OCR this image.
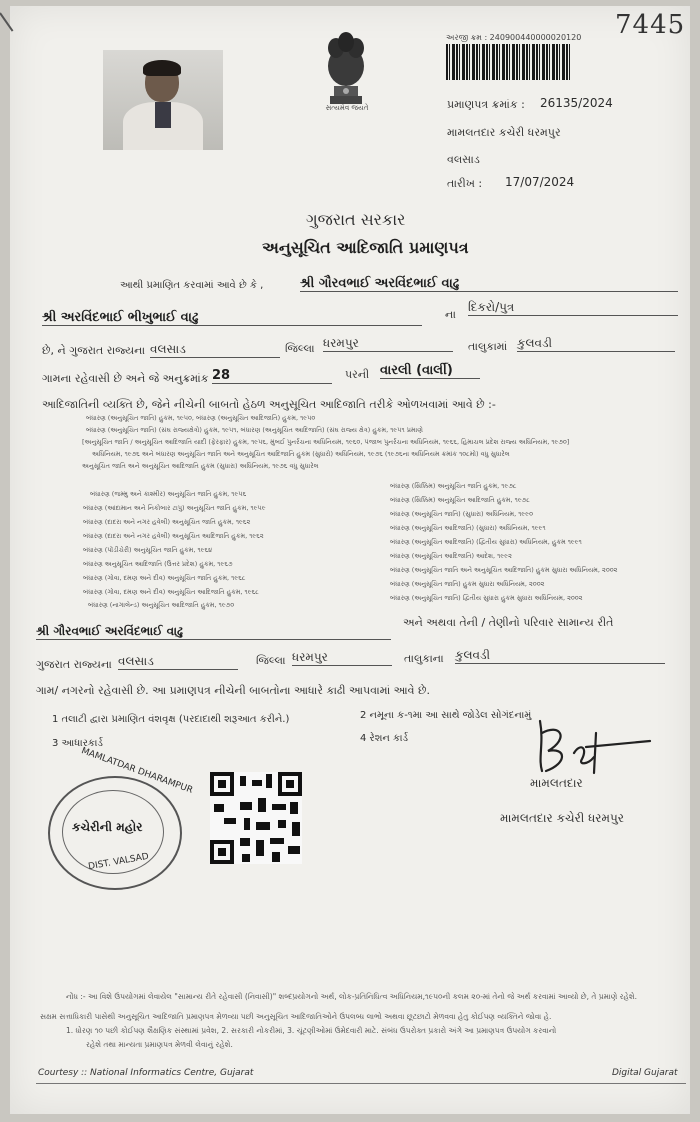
7445
સત્યમેવ જયતે
અરજી ક્રમ : 240900440000020120
પ્રમાણપત્ર ક્રમાંક : 26135/2024
મામલતદાર કચેરી ધરમપુર
વલસાડ
તારીખ : 17/07/2024
ગુજરાત સરકાર
અનુસૂચિત આદિજાતિ પ્રમાણપત્ર
આથી પ્રમાણિત કરવામાં આવે છે કે ,	શ્રી ગૌરવભાઈ અરવિંદભાઈ વાઢુ
શ્રી અરવિંદભાઈ ભીખુભાઈ વાઢુ	ના
દિકરો/પુત્ર
છે, ને ગુજરાત રાજ્યના વલસાડ	જિલ્લા ધરમપુર	તાલુકામાં કુલવડી
ગામના રહેવાસી છે અને જે અનુક્રમાંક 28	પરની વારલી (વાર્લી)
આદિજાતિની વ્યક્તિ છે, જેને નીચેની બાબતો હેઠળ અનુસૂચિત આદિજાતિ તરીકે ઓળખવામાં આવે છે :-
બંધારણ (અનુસૂચિત જાતિ) હુકમ, ૧૯૫૦, બંધારણ (અનુસૂચિત આદિજાતિ) હુકમ, ૧૯૫૦
બંધારણ (અનુસૂચિત જાતિ) (સંઘ રાજ્યક્ષેત્રો) હુકમ, ૧૯૫૧, બંધારણ (અનુસૂચિત આદિજાતિ) (સંઘ રાજ્ય ક્ષેત્ર) હુકમ, ૧૯૫૧ પ્રમાણે
[અનુસૂચિત જાતિ / અનુસૂચિત આદિજાતિ યાદી (ફેરફાર) હુકમ, ૧૯૫૬, મુંબઈ પુનર્રચના અધિનિયમ, ૧૯૬૦, પંજાબ પુનર્રચના અધિનિયમ, ૧૯૬૬, હિમાચલ પ્રદેશ રાજ્ય અધિનિયમ, ૧૯૭૦]
અધિનિયમ, ૧૯૭૬ અને બંધારણ અનુસૂચિત જાતિ અને અનુસૂચિત આદિજાતિ હુકમ (સુધારો) અધિનિયમ, ૧૯૭૬ (૧૯૭૬ના અધિનિયમ ક્રમાંક ૧૦૮મો) વધુ સુધારેલ
અનુસૂચિત જાતિ અને અનુસૂચિત આદિજાતિ હુકમ (સુધારા) અધિનિયમ, ૧૯૭૬ વધુ સુધારેલ
બંધારણ (જમ્મુ અને કાશ્મીર) અનુસૂચિત જાતિ હુકમ, ૧૯૫૬
બંધારણ (આંદામાન અને નિકોબાર ટાપુ) અનુસૂચિત જાતિ હુકમ, ૧૯૫૯
બંધારણ (દાદરા અને નગર હવેલી) અનુસૂચિત જાતિ હુકમ, ૧૯૬૨
બંધારણ (દાદરા અને નગર હવેલી) અનુસૂચિત આદિજાતિ હુકમ, ૧૯૬૨
બંધારણ (પોંડીચેરી) અનુસૂચિત જાતિ હુકમ, ૧૯૬૪
બંધારણ અનુસૂચિત આદિજાતિ (ઉત્તર પ્રદેશ) હુકમ, ૧૯૬૭
બંધારણ (ગોવા, દમણ અને દીવ) અનુસૂચિત જાતિ હુકમ, ૧૯૬૮
બંધારણ (ગોવા, દમણ અને દીવ) અનુસૂચિત આદિજાતિ હુકમ, ૧૯૬૮
બંધારણ (નાગાલેન્ડ) અનુસૂચિત આદિજાતિ હુકમ, ૧૯૭૦
બંધારણ (સિક્કિમ) અનુસૂચિત જાતિ હુકમ, ૧૯૭૮
બંધારણ (સિક્કિમ) અનુસૂચિત આદિજાતિ હુકમ, ૧૯૭૮
બંધારણ (અનુસૂચિત જાતિ) (સુધારા) અધિનિયમ, ૧૯૯૦
બંધારણ (અનુસૂચિત આદિજાતિ) (સુધારા) અધિનિયમ, ૧૯૯૧
બંધારણ (અનુસૂચિત આદિજાતિ) (દ્વિતીય સુધારા) અધિનિયમ, હુકમ ૧૯૯૧
બંધારણ (અનુસૂચિત આદિજાતિ) આદેશ, ૧૯૯૨
બંધારણ (અનુસૂચિત જાતિ અને અનુસૂચિત આદિજાતિ) હુકમ સુધારા અધિનિયમ, ૨૦૦૨
બંધારણ (અનુસૂચિત જાતિ) હુકમ સુધારા અધિનિયમ, ૨૦૦૨
બંધારણ (અનુસૂચિત જાતિ) દ્વિતીય સુધારા હુકમ સુધારા અધિનિયમ, ૨૦૦૨
શ્રી ગૌરવભાઈ અરવિંદભાઈ વાઢુ
અને અથવા તેની / તેણીનો પરિવાર સામાન્ય રીતે
ગુજરાત રાજ્યના વલસાડ	જિલ્લા ધરમપુર	તાલુકાના કુલવડી
ગામ/ નગરનો રહેવાસી છે. આ પ્રમાણપત્ર નીચેની બાબતોના આધારે કાઢી આપવામાં આવે છે.
1 તલાટી દ્વારા પ્રમાણિત વંશવૃક્ષ (પરદાદાથી શરૂઆત કરીને.)	2 નમૂના ક-૧મા આ સાથે જોડેલ સોગંદનામું
3 આધારકાર્ડ	4 રેશન કાર્ડ
MAMLATDAR DHARAMPUR
કચેરીની મહોર
DIST. VALSAD
મામલતદાર
મામલતદાર કચેરી ધરમપુર
નોંધ :- આ વિશે ઉપયોગમાં લેવાયેલ "સામાન્ય રીતે રહેવાસી (નિવાસી)" શબ્દપ્રયોગનો અર્થ, લોક-પ્રતિનિધિત્વ અધિનિયમ,૧૯૫૦ની કલમ ૨૦-માં તેનો જે અર્થ કરવામાં આવ્યો છે, તે પ્રમાણે રહેશે.
સક્ષમ સત્તાધિકારી પાસેથી અનુસૂચિત આદિજાતિ પ્રમાણપત્ર મેળવ્યા પછી અનુસૂચિત આદિજાતિઓને ઉપલબ્ધ લાભો અથવા છૂટછાટો મેળવવા હેતુ કોઈપણ વ્યક્તિને જોવા હે.
1. ધોરણ ૧૦ પછી કોઈપણ શૈક્ષણિક સંસ્થામાં પ્રવેશ, 2. સરકારી નોકરીમાં, 3. ચૂંટણીઓમાં ઉમેદવારી માટે. સંબંધ ઉપરોક્ત પ્રકારો અંગે આ પ્રમાણપત્ર ઉપયોગ કરવાનો
રહેશે તથા માન્યતા પ્રમાણપત્ર મેળવી લેવાનું રહેશે.
Courtesy :: National Informatics Centre, Gujarat	Digital Gujarat
